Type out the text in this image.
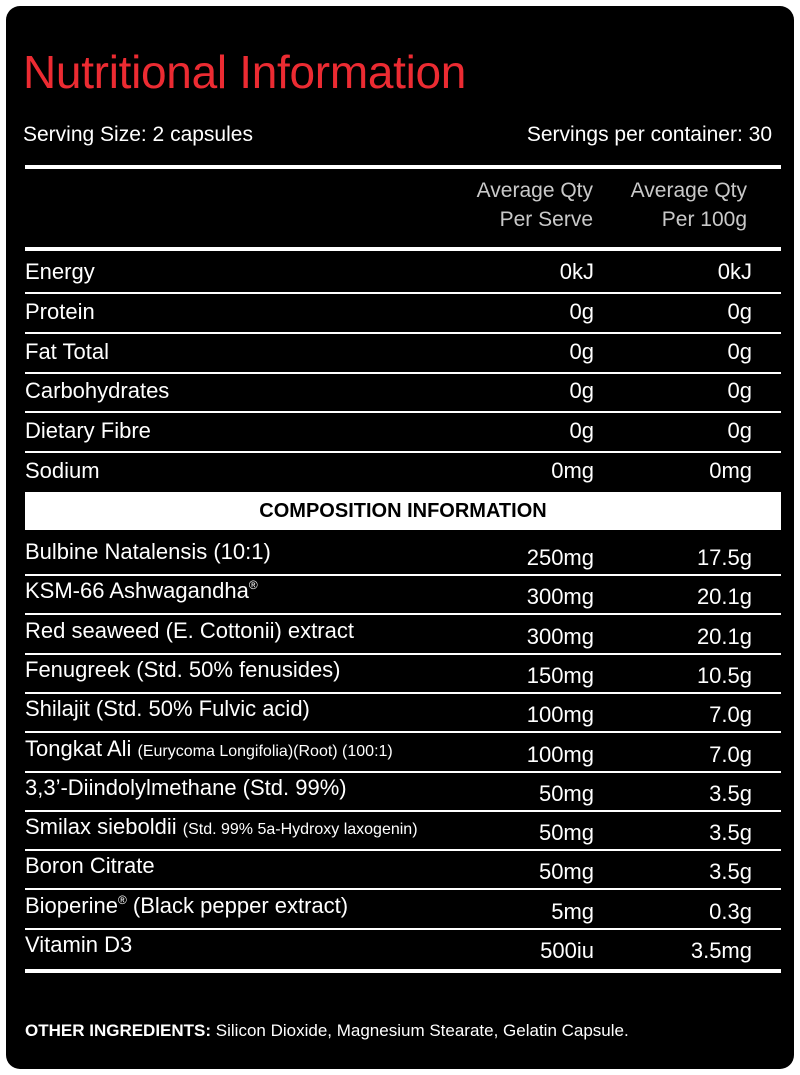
Nutritional Information
Serving Size: 2 capsules	Servings per container: 30
Average Qty
Per Serve
Average Qty
Per 100g
Energy	0kJ	0kJ
Protein	0g	0g
Fat Total	0g	0g
Carbohydrates	0g	0g
Dietary Fibre	0g	0g
Sodium	0mg	0mg
COMPOSITION INFORMATION
Bulbine Natalensis (10:1)	250mg	17.5g
KSM-66 Ashwagandha®	300mg	20.1g
Red seaweed (E. Cottonii) extract	300mg	20.1g
Fenugreek (Std. 50% fenusides)	150mg	10.5g
Shilajit (Std. 50% Fulvic acid)	100mg	7.0g
Tongkat Ali (Eurycoma Longifolia)(Root) (100:1)	100mg	7.0g
3,3’-Diindolylmethane (Std. 99%)	50mg	3.5g
Smilax sieboldii (Std. 99% 5a-Hydroxy laxogenin)	50mg	3.5g
Boron Citrate	50mg	3.5g
Bioperine® (Black pepper extract)	5mg	0.3g
Vitamin D3	500iu	3.5mg
OTHER INGREDIENTS: Silicon Dioxide, Magnesium Stearate, Gelatin Capsule.
